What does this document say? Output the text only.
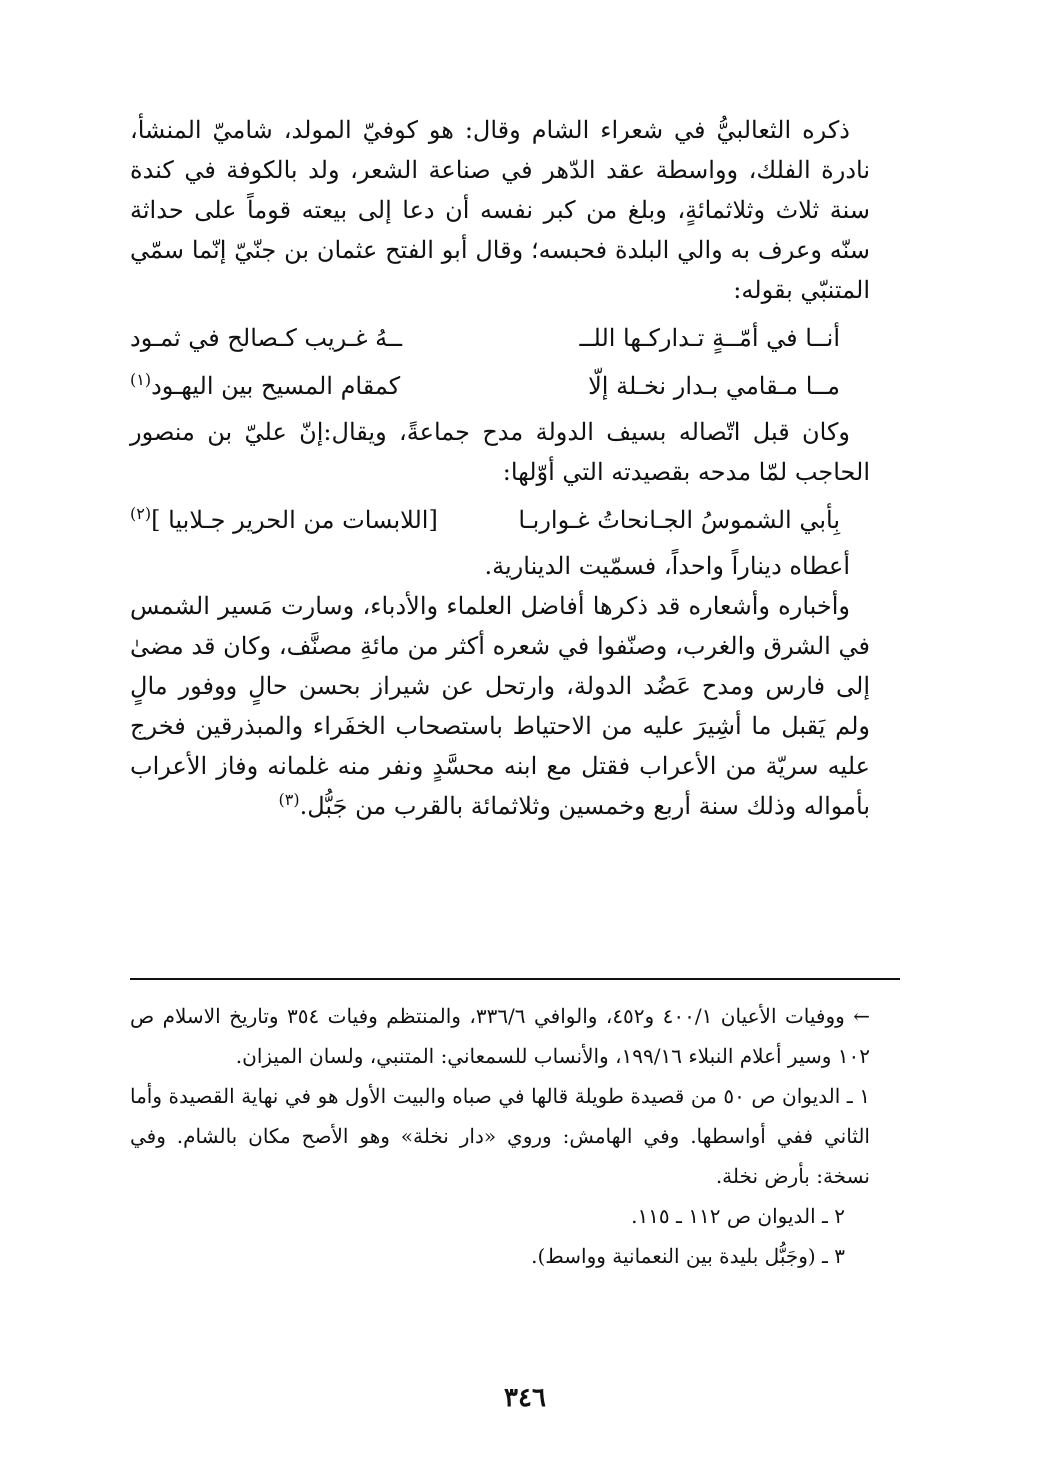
ذكره الثعالبيُّ في شعراء الشام وقال: هو كوفيّ المولد، شاميّ المنشأ، نادرة الفلك، وواسطة عقد الدّهر في صناعة الشعر، ولد بالكوفة في كندة سنة ثلاث وثلاثمائةٍ، وبلغ من كبر نفسه أن دعا إلى بيعته قوماً على حداثة سنّه وعرف به والي البلدة فحبسه؛ وقال أبو الفتح عثمان بن جنّيّ إنّما سمّي المتنبّي بقوله:

أنــا في أمّــةٍ تـداركـها اللــ
ــهُ غـريب كـصالح في ثمـود
مــا مـقامي بـدار نخـلة إلّا
كمقام المسيح بين اليهـود$^{(١)}$

وكان قبل اتّصاله بسيف الدولة مدح جماعةً، ويقال:إنّ عليّ بن منصور الحاجب لمّا مدحه بقصيدته التي أوّلها:

بِأبي الشموسُ الجـانحاتُ غـواربـا
[اللابسات من الحرير جـلابيا ]$^{(٢)}$

أعطاه ديناراً واحداً، فسمّيت الدينارية.

وأخباره وأشعاره قد ذكرها أفاضل العلماء والأدباء، وسارت مَسير الشمس في الشرق والغرب، وصنّفوا في شعره أكثر من مائةِ مصنَّف، وكان قد مضىٰ إلى فارس ومدح عَضُد الدولة، وارتحل عن شيراز بحسن حالٍ ووفور مالٍ ولم يَقبل ما أشِيرَ عليه من الاحتياط باستصحاب الخفَراء والمبذرقين فخرج عليه سريّة من الأعراب فقتل مع ابنه محسَّدٍ ونفر منه غلمانه وفاز الأعراب بأمواله وذلك سنة أربع وخمسين وثلاثمائة بالقرب من جَبُّل.$^{(٣)}$

← ووفيات الأعيان ٤٠٠/١ و٤٥٢، والوافي ٣٣٦/٦، والمنتظم وفيات ٣٥٤ وتاريخ الاسلام ص ١٠٢ وسير أعلام النبلاء ١٩٩/١٦، والأنساب للسمعاني: المتنبي، ولسان الميزان.

١ ـ الديوان ص ٥٠ من قصيدة طويلة قالها في صباه والبيت الأول هو في نهاية القصيدة وأما الثاني ففي أواسطها. وفي الهامش: وروي «دار نخلة» وهو الأصح مكان بالشام. وفي نسخة: بأرض نخلة.

٢ ـ الديوان ص ١١٢ ـ ١١٥.

٣ ـ (وجَبُّل بليدة بين النعمانية وواسط).

٣٤٦
